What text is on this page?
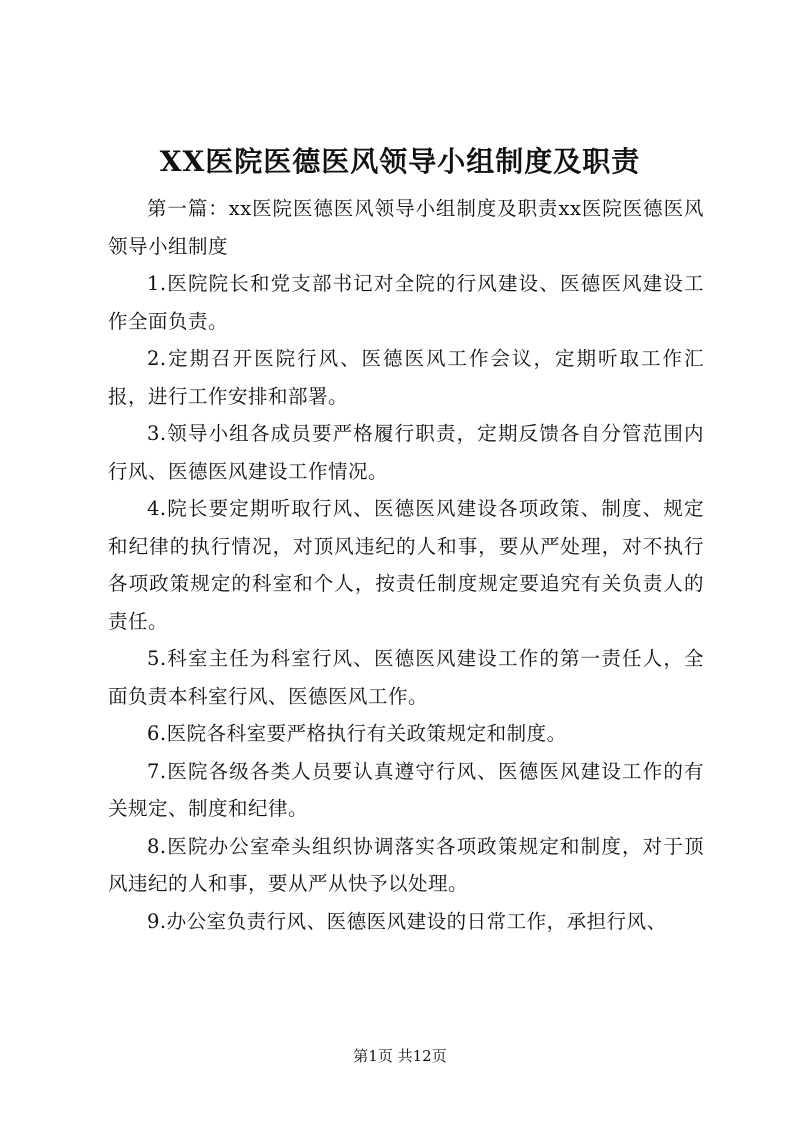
XX医院医德医风领导小组制度及职责

第一篇：xx医院医德医风领导小组制度及职责xx医院医德医风领导小组制度

1.医院院长和党支部书记对全院的行风建设、医德医风建设工作全面负责。

2.定期召开医院行风、医德医风工作会议，定期听取工作汇报，进行工作安排和部署。

3.领导小组各成员要严格履行职责，定期反馈各自分管范围内行风、医德医风建设工作情况。

4.院长要定期听取行风、医德医风建设各项政策、制度、规定和纪律的执行情况，对顶风违纪的人和事，要从严处理，对不执行各项政策规定的科室和个人，按责任制度规定要追究有关负责人的责任。

5.科室主任为科室行风、医德医风建设工作的第一责任人，全面负责本科室行风、医德医风工作。

6.医院各科室要严格执行有关政策规定和制度。

7.医院各级各类人员要认真遵守行风、医德医风建设工作的有关规定、制度和纪律。

8.医院办公室牵头组织协调落实各项政策规定和制度，对于顶风违纪的人和事，要从严从快予以处理。

9.办公室负责行风、医德医风建设的日常工作，承担行风、

第1页 共12页
